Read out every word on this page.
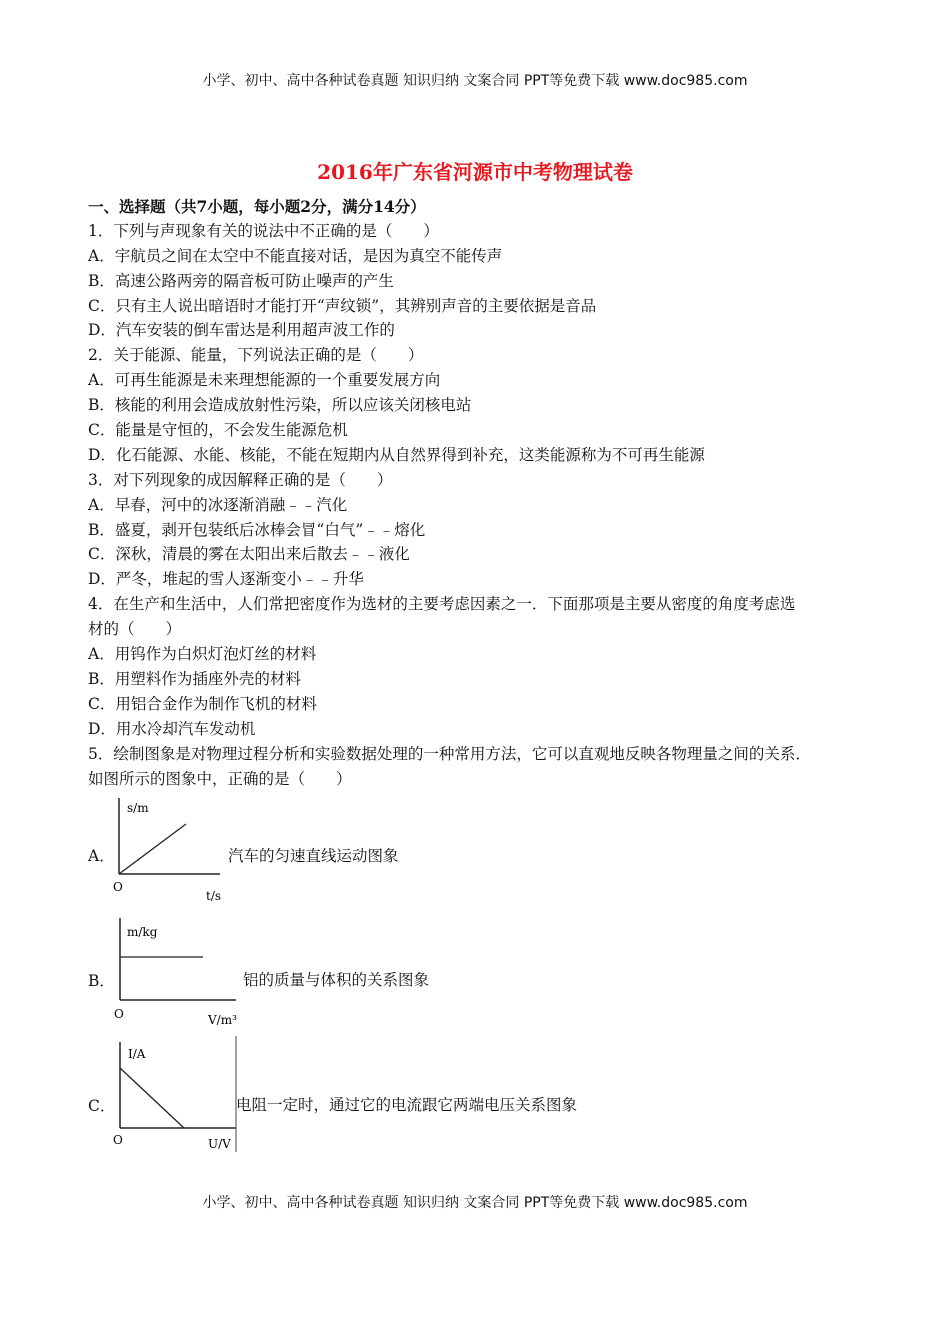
小学、初中、高中各种试卷真题 知识归纳 文案合同 PPT等免费下载 www.doc985.com
2016年广东省河源市中考物理试卷
一、选择题（共7小题，每小题2分，满分14分）
1．下列与声现象有关的说法中不正确的是（　　）
A．宇航员之间在太空中不能直接对话，是因为真空不能传声
B．高速公路两旁的隔音板可防止噪声的产生
C．只有主人说出暗语时才能打开“声纹锁”，其辨别声音的主要依据是音品
D．汽车安装的倒车雷达是利用超声波工作的
2．关于能源、能量，下列说法正确的是（　　）
A．可再生能源是未来理想能源的一个重要发展方向
B．核能的利用会造成放射性污染，所以应该关闭核电站
C．能量是守恒的，不会发生能源危机
D．化石能源、水能、核能，不能在短期内从自然界得到补充，这类能源称为不可再生能源
3．对下列现象的成因解释正确的是（　　）
A．早春，河中的冰逐渐消融﹣﹣汽化
B．盛夏，剥开包装纸后冰棒会冒“白气”﹣﹣熔化
C．深秋，清晨的雾在太阳出来后散去﹣﹣液化
D．严冬，堆起的雪人逐渐变小﹣﹣升华
4．在生产和生活中，人们常把密度作为选材的主要考虑因素之一．下面那项是主要从密度的角度考虑选
材的（　　）
A．用钨作为白炽灯泡灯丝的材料
B．用塑料作为插座外壳的材料
C．用铝合金作为制作飞机的材料
D．用水冷却汽车发动机
5．绘制图象是对物理过程分析和实验数据处理的一种常用方法，它可以直观地反映各物理量之间的关系．
如图所示的图象中，正确的是（　　）
A．
s/m
t/s
O
汽车的匀速直线运动图象
B．
m/kg
V/m³
O
铝的质量与体积的关系图象
C．
I/A
U/V
O
电阻一定时，通过它的电流跟它两端电压关系图象
小学、初中、高中各种试卷真题 知识归纳 文案合同 PPT等免费下载 www.doc985.com
